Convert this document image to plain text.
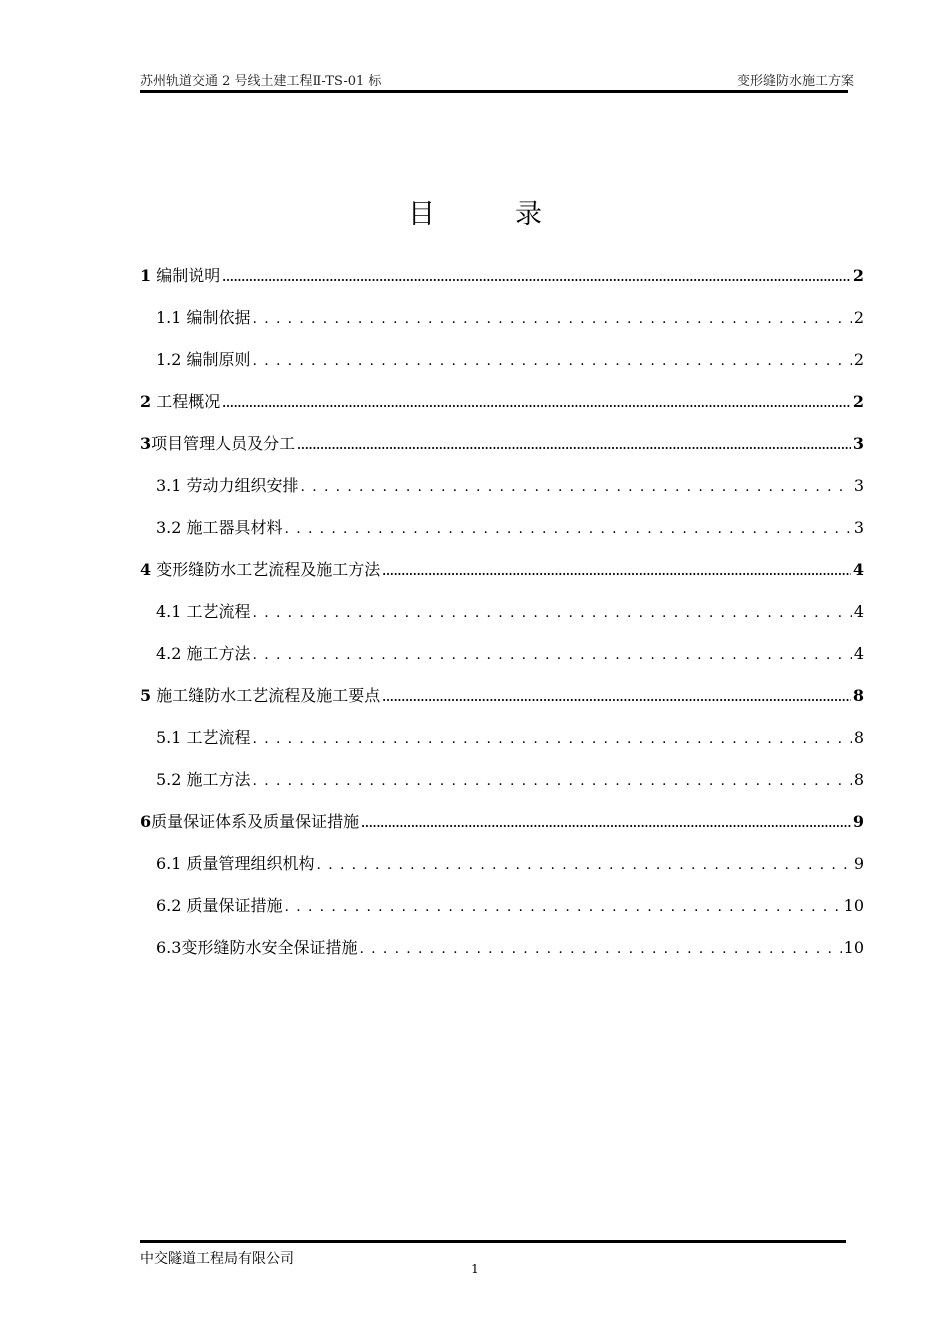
苏州轨道交通 2 号线土建工程Ⅱ-TS-01 标	变形缝防水施工方案
目录
1 编制说明 .....	2
1.1 编制依据 . . .	2
1.2 编制原则 . . .	2
2 工程概况 .....	2
3项目管理人员及分工 .....	3
3.1 劳动力组织安排 . . .	3
3.2 施工器具材料 . . .	3
4 变形缝防水工艺流程及施工方法 .....	4
4.1 工艺流程 . . .	4
4.2 施工方法 . . .	4
5 施工缝防水工艺流程及施工要点 .....	8
5.1 工艺流程 . . .	8
5.2 施工方法 . . .	8
6质量保证体系及质量保证措施 .....	9
6.1 质量管理组织机构 . . .	9
6.2 质量保证措施 . . .	10
6.3变形缝防水安全保证措施 . . .	10
中交隧道工程局有限公司
1
